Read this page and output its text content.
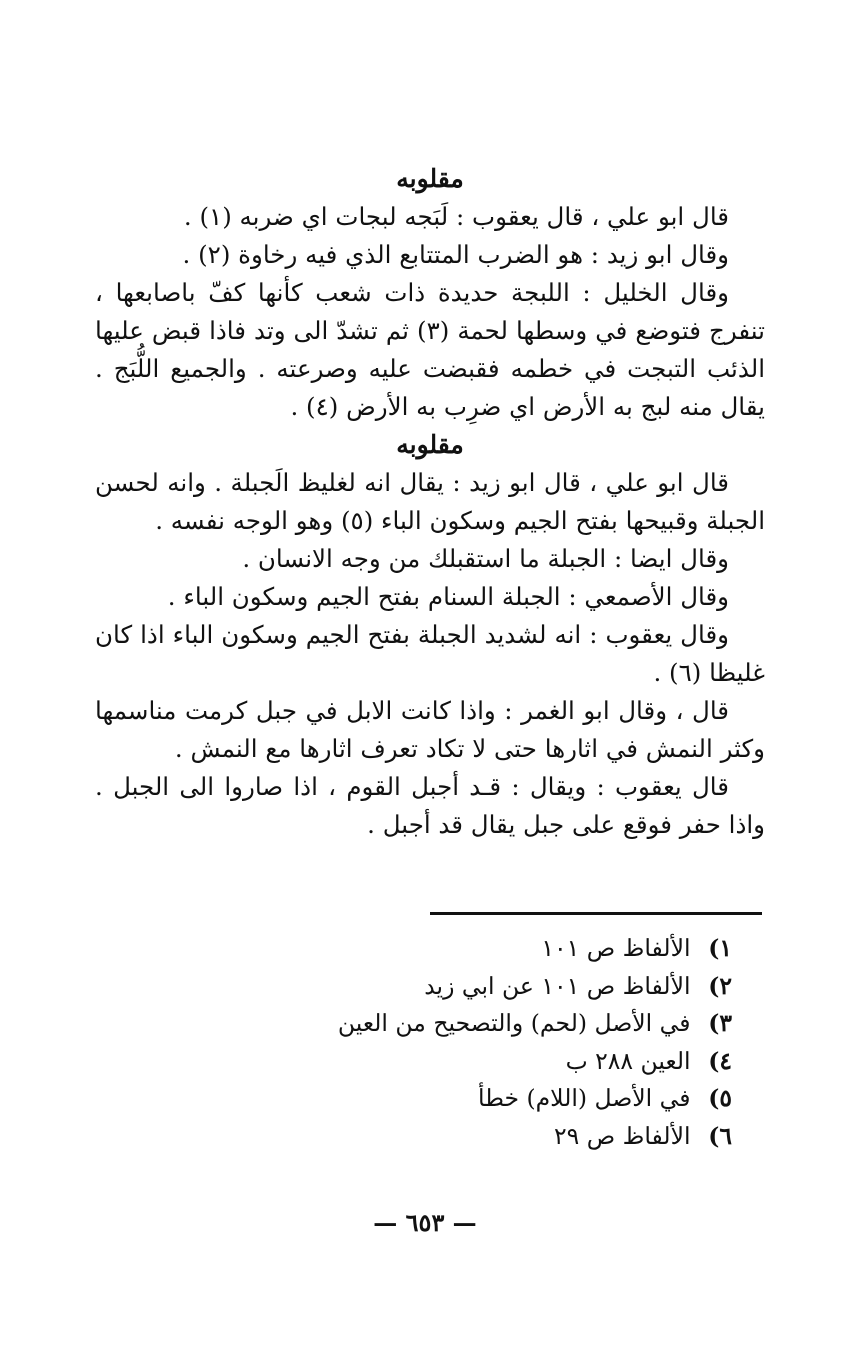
مقلوبه

قال ابو علي ، قال يعقوب : لَبَجه لبجات اي ضربه (١) .

وقال ابو زيد : هو الضرب المتتابع الذي فيه رخاوة (٢) .

وقال الخليل : اللبجة حديدة ذات شعب كأنها كفّ باصابعها ، تنفرج فتوضع في وسطها لحمة (٣) ثم تشدّ الى وتد فاذا قبض عليها الذئب التبجت في خطمه فقبضت عليه وصرعته . والجميع اللُّبَج . يقال منه لبج به الأرض اي ضرِب به الأرض (٤) .

مقلوبه

قال ابو علي ، قال ابو زيد : يقال انه لغليظ الَجبلة . وانه لحسن الجبلة وقبيحها بفتح الجيم وسكون الباء (٥) وهو الوجه نفسه .

وقال ايضا : الجبلة ما استقبلك من وجه الانسان .

وقال الأصمعي : الجبلة السنام بفتح الجيم وسكون الباء .

وقال يعقوب : انه لشديد الجبلة بفتح الجيم وسكون الباء اذا كان غليظا (٦) .

قال ، وقال ابو الغمر : واذا كانت الابل في جبل كرمت مناسمها وكثر النمش في اثارها حتى لا تكاد تعرف اثارها مع النمش .

قال يعقوب : ويقال : قـد أجبل القوم ، اذا صاروا الى الجبل . واذا حفر فوقع على جبل يقال قد أجبل .

١) الألفاظ ص ١٠١
٢) الألفاظ ص ١٠١ عن ابي زيد
٣) في الأصل (لحم) والتصحيح من العين
٤) العين ٢٨٨ ب
٥) في الأصل (اللام) خطأ
٦) الألفاظ ص ٢٩
— ٦٥٣ —
